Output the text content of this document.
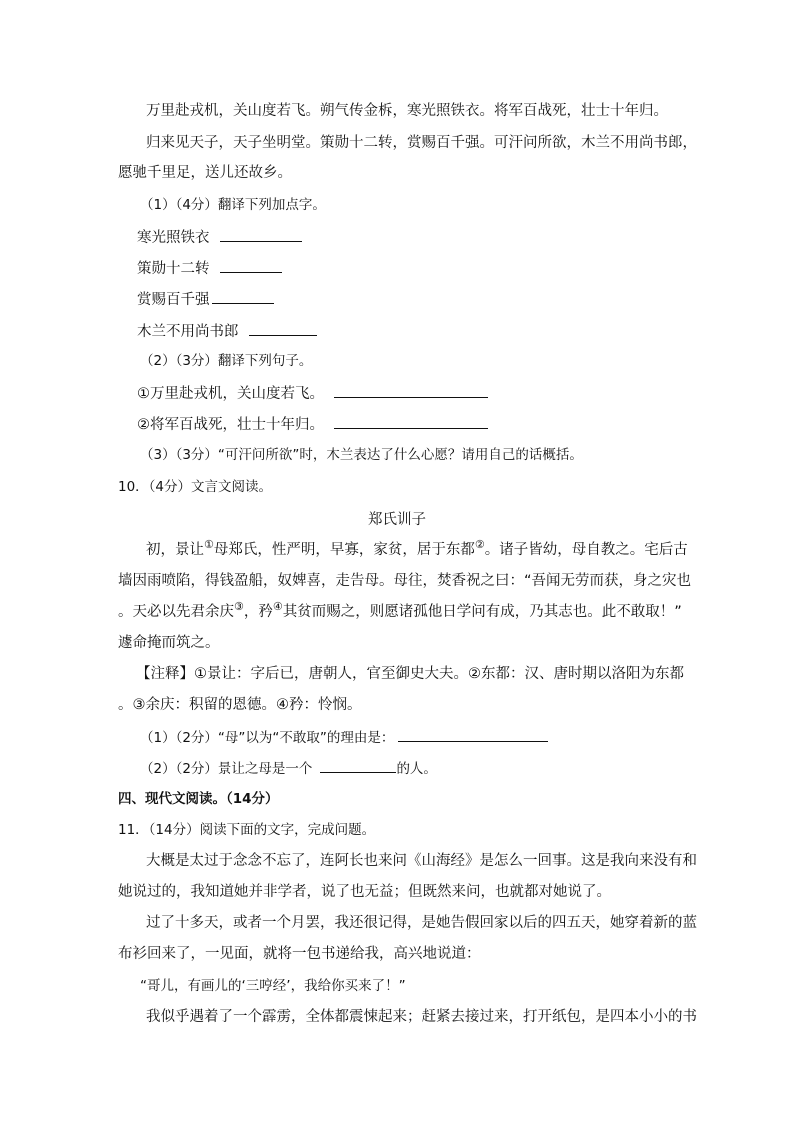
万里赴戎机，关山度若飞。朔气传金柝，寒光照铁衣。将军百战死，壮士十年归。
归来见天子，天子坐明堂。策勋十二转，赏赐百千强。可汗问所欲，木兰不用尚书郎，
愿驰千里足，送儿还故乡。
（1）（4分）翻译下列加点字。
寒光照铁衣
策勋十二转
赏赐百千强
木兰不用尚书郎
（2）（3分）翻译下列句子。
①万里赴戎机，关山度若飞。
②将军百战死，壮士十年归。
（3）（3分）“可汗问所欲”时，木兰表达了什么心愿？请用自己的话概括。
10．（4分）文言文阅读。
郑氏训子
初，景让①母郑氏，性严明，早寡，家贫，居于东都②。诸子皆幼，母自教之。宅后古
墙因雨喷陷，得钱盈船，奴婢喜，走告母。母往，焚香祝之曰：“吾闻无劳而获，身之灾也
。天必以先君余庆③，矜④其贫而赐之，则愿诸孤他日学问有成，乃其志也。此不敢取！”
遽命掩而筑之。
【注释】①景让：字后已，唐朝人，官至御史大夫。②东都：汉、唐时期以洛阳为东都
。③余庆：积留的恩德。④矜：怜悯。
（1）（2分）“母”以为“不敢取”的理由是：
（2）（2分）景让之母是一个	的人。
四、现代文阅读。（14分）
11．（14分）阅读下面的文字，完成问题。
大概是太过于念念不忘了，连阿长也来问《山海经》是怎么一回事。这是我向来没有和
她说过的，我知道她并非学者，说了也无益；但既然来问，也就都对她说了。
过了十多天，或者一个月罢，我还很记得，是她告假回家以后的四五天，她穿着新的蓝
布衫回来了，一见面，就将一包书递给我，高兴地说道：
“哥儿，有画儿的‘三哼经’，我给你买来了！”
我似乎遇着了一个霹雳，全体都震悚起来；赶紧去接过来，打开纸包，是四本小小的书
